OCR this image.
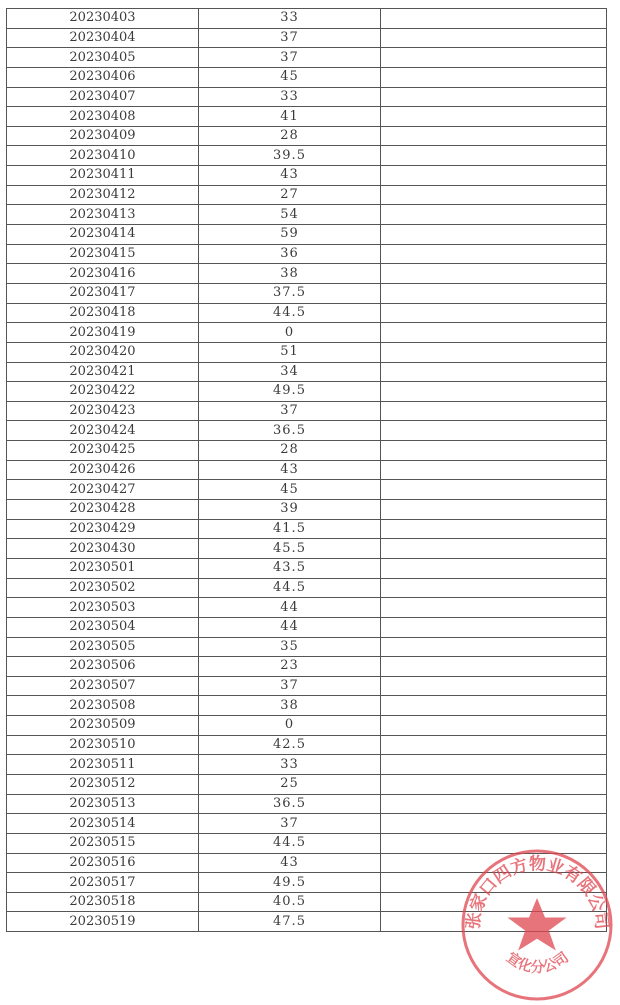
20230403	33	
20230404	37	
20230405	37	
20230406	45	
20230407	33	
20230408	41	
20230409	28	
20230410	39.5	
20230411	43	
20230412	27	
20230413	54	
20230414	59	
20230415	36	
20230416	38	
20230417	37.5	
20230418	44.5	
20230419	0	
20230420	51	
20230421	34	
20230422	49.5	
20230423	37	
20230424	36.5	
20230425	28	
20230426	43	
20230427	45	
20230428	39	
20230429	41.5	
20230430	45.5	
20230501	43.5	
20230502	44.5	
20230503	44	
20230504	44	
20230505	35	
20230506	23	
20230507	37	
20230508	38	
20230509	0	
20230510	42.5	
20230511	33	
20230512	25	
20230513	36.5	
20230514	37	
20230515	44.5	
20230516	43	
20230517	49.5	
20230518	40.5	
20230519	47.5		张家口四方物业有限公司
宣化分公司
